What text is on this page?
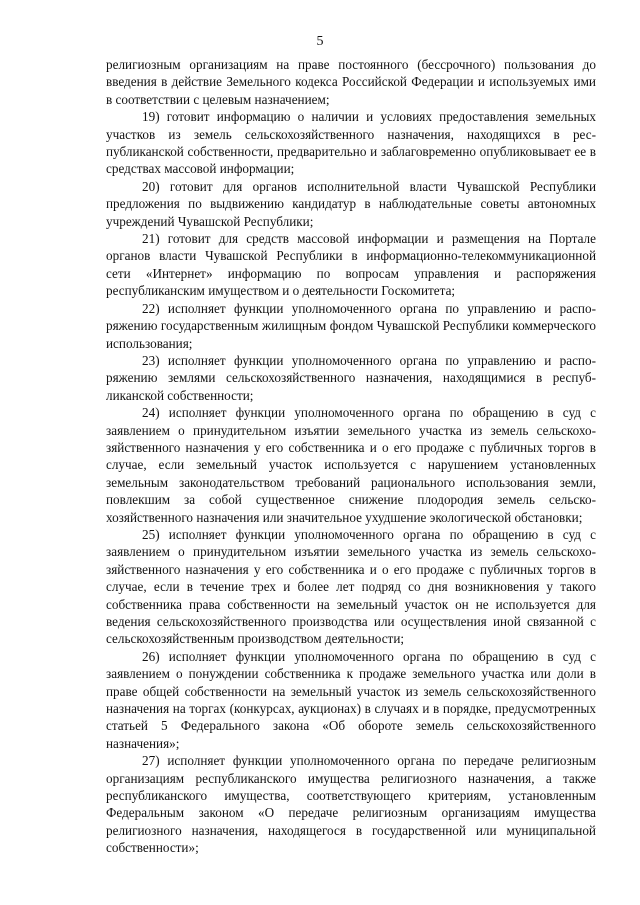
5

религиозным организациям на праве постоянного (бессрочного) пользования до введения в действие Земельного кодекса Российской Федерации и используемых ими в соответствии с целевым назначением;

19) готовит информацию о наличии и условиях предоставления земельных участков из земель сельскохозяйственного назначения, находящихся в республиканской собственности, предварительно и заблаговременно опубликовывает ее в средствах массовой информации;

20) готовит для органов исполнительной власти Чувашской Республики предложения по выдвижению кандидатур в наблюдательные советы автономных учреждений Чувашской Республики;

21) готовит для средств массовой информации и размещения на Портале органов власти Чувашской Республики в информационно-телекоммуникационной сети «Интернет» информацию по вопросам управления и распоряжения республиканским имуществом и о деятельности Госкомитета;

22) исполняет функции уполномоченного органа по управлению и распоряжению государственным жилищным фондом Чувашской Республики коммерческого использования;

23) исполняет функции уполномоченного органа по управлению и распоряжению землями сельскохозяйственного назначения, находящимися в республиканской собственности;

24) исполняет функции уполномоченного органа по обращению в суд с заявлением о принудительном изъятии земельного участка из земель сельскохозяйственного назначения у его собственника и о его продаже с публичных торгов в случае, если земельный участок используется с нарушением установленных земельным законодательством требований рационального использования земли, повлекшим за собой существенное снижение плодородия земель сельскохозяйственного назначения или значительное ухудшение экологической обстановки;

25) исполняет функции уполномоченного органа по обращению в суд с заявлением о принудительном изъятии земельного участка из земель сельскохозяйственного назначения у его собственника и о его продаже с публичных торгов в случае, если в течение трех и более лет подряд со дня возникновения у такого собственника права собственности на земельный участок он не используется для ведения сельскохозяйственного производства или осуществления иной связанной с сельскохозяйственным производством деятельности;

26) исполняет функции уполномоченного органа по обращению в суд с заявлением о понуждении собственника к продаже земельного участка или доли в праве общей собственности на земельный участок из земель сельскохозяйственного назначения на торгах (конкурсах, аукционах) в случаях и в порядке, предусмотренных статьей 5 Федерального закона «Об обороте земель сельскохозяйственного назначения»;

27) исполняет функции уполномоченного органа по передаче религиозным организациям республиканского имущества религиозного назначения, а также республиканского имущества, соответствующего критериям, установленным Федеральным законом «О передаче религиозным организациям имущества религиозного назначения, находящегося в государственной или муниципальной собственности»;
